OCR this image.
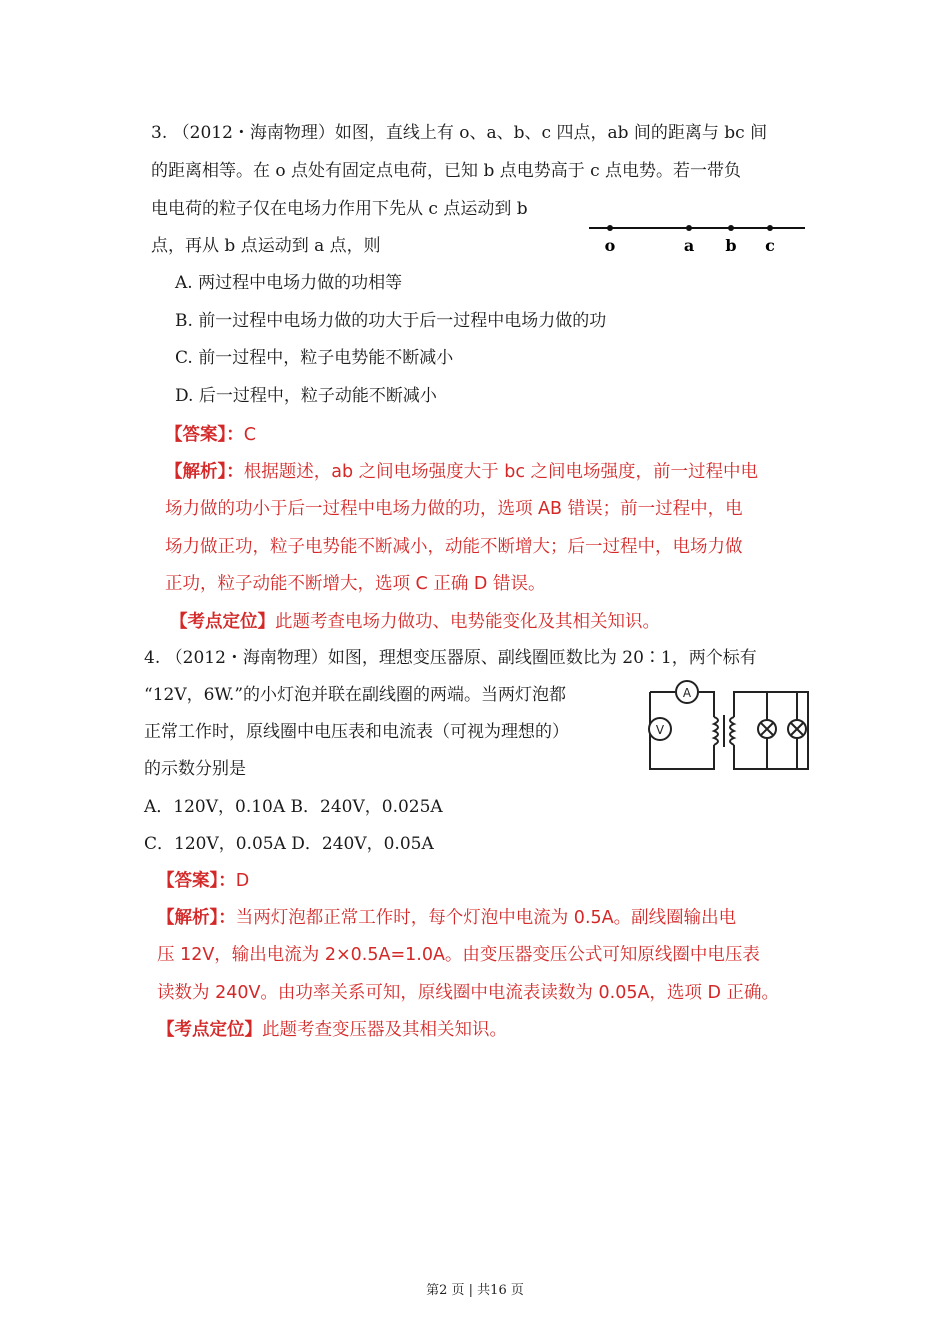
3. （2012・海南物理）如图，直线上有 o、a、b、c 四点，ab 间的距离与 bc 间
的距离相等。在 o 点处有固定点电荷，已知 b 点电势高于 c 点电势。若一带负
电电荷的粒子仅在电场力作用下先从 c 点运动到 b
点，再从 b 点运动到 a 点，则	o	a b c
A. 两过程中电场力做的功相等
B. 前一过程中电场力做的功大于后一过程中电场力做的功
C. 前一过程中，粒子电势能不断减小
D. 后一过程中，粒子动能不断减小
【答案】：C
【解析】：根据题述，ab 之间电场强度大于 bc 之间电场强度，前一过程中电
场力做的功小于后一过程中电场力做的功，选项 AB 错误；前一过程中，电
场力做正功，粒子电势能不断减小，动能不断增大；后一过程中，电场力做
正功，粒子动能不断增大，选项 C 正确 D 错误。
【考点定位】此题考查电场力做功、电势能变化及其相关知识。
4. （2012・海南物理）如图，理想变压器原、副线圈匝数比为 20∶1，两个标有
“12V，6W.”的小灯泡并联在副线圈的两端。当两灯泡都
正常工作时，原线圈中电压表和电流表（可视为理想的）
的示数分别是
A
V
A．120V，0.10A B．240V，0.025A
C．120V，0.05A D．240V，0.05A
【答案】：D
【解析】：当两灯泡都正常工作时，每个灯泡中电流为 0.5A。副线圈输出电
压 12V，输出电流为 2×0.5A=1.0A。由变压器变压公式可知原线圈中电压表
读数为 240V。由功率关系可知，原线圈中电流表读数为 0.05A，选项 D 正确。
【考点定位】此题考查变压器及其相关知识。
第2 页 | 共16 页
